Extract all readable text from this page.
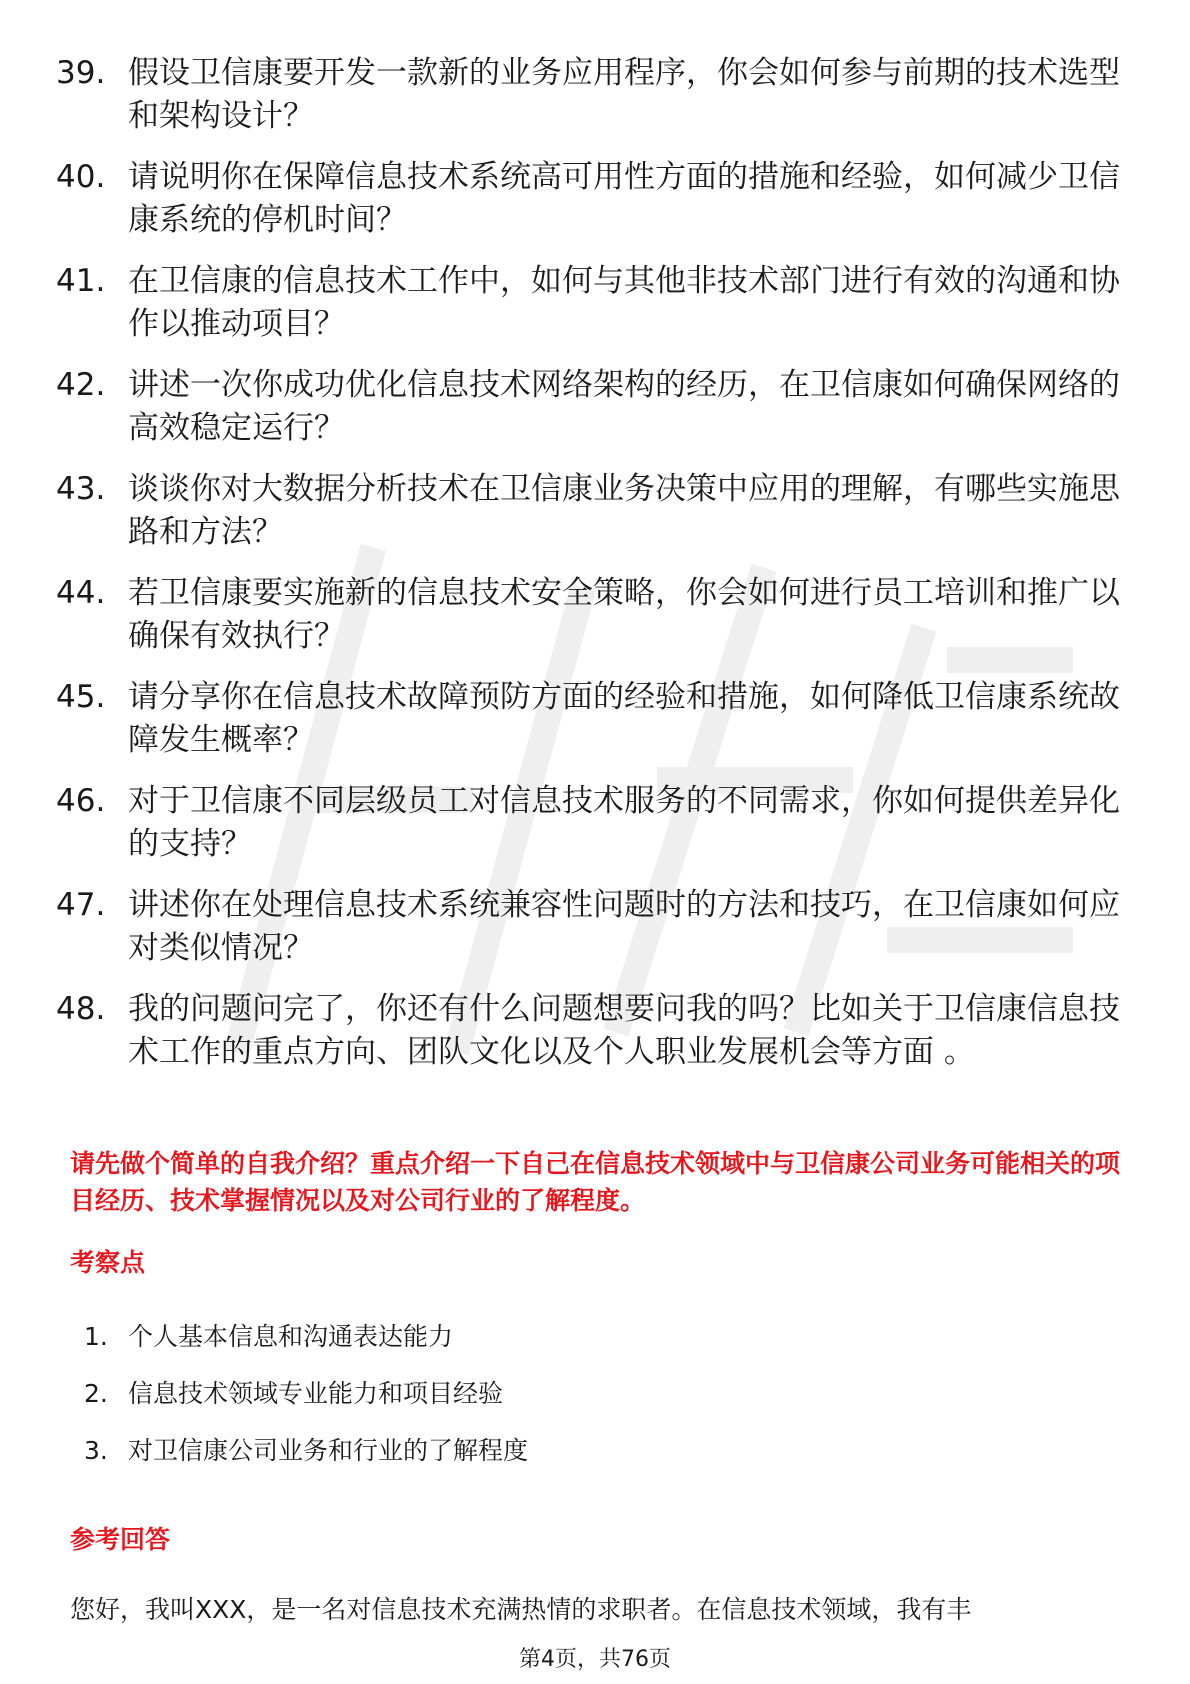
39. 假设卫信康要开发一款新的业务应用程序，你会如何参与前期的技术选型和架构设计？
40. 请说明你在保障信息技术系统高可用性方面的措施和经验，如何减少卫信康系统的停机时间？
41. 在卫信康的信息技术工作中，如何与其他非技术部门进行有效的沟通和协作以推动项目？
42. 讲述一次你成功优化信息技术网络架构的经历，在卫信康如何确保网络的高效稳定运行？
43. 谈谈你对大数据分析技术在卫信康业务决策中应用的理解，有哪些实施思路和方法？
44. 若卫信康要实施新的信息技术安全策略，你会如何进行员工培训和推广以确保有效执行？
45. 请分享你在信息技术故障预防方面的经验和措施，如何降低卫信康系统故障发生概率？
46. 对于卫信康不同层级员工对信息技术服务的不同需求，你如何提供差异化的支持？
47. 讲述你在处理信息技术系统兼容性问题时的方法和技巧，在卫信康如何应对类似情况？
48. 我的问题问完了，你还有什么问题想要问我的吗？比如关于卫信康信息技术工作的重点方向、团队文化以及个人职业发展机会等方面 。

请先做个简单的自我介绍？重点介绍一下自己在信息技术领域中与卫信康公司业务可能相关的项目经历、技术掌握情况以及对公司行业的了解程度。

考察点
1. 个人基本信息和沟通表达能力
2. 信息技术领域专业能力和项目经验
3. 对卫信康公司业务和行业的了解程度
参考回答

您好，我叫XXX，是一名对信息技术充满热情的求职者。在信息技术领域，我有丰

第4页，共76页
